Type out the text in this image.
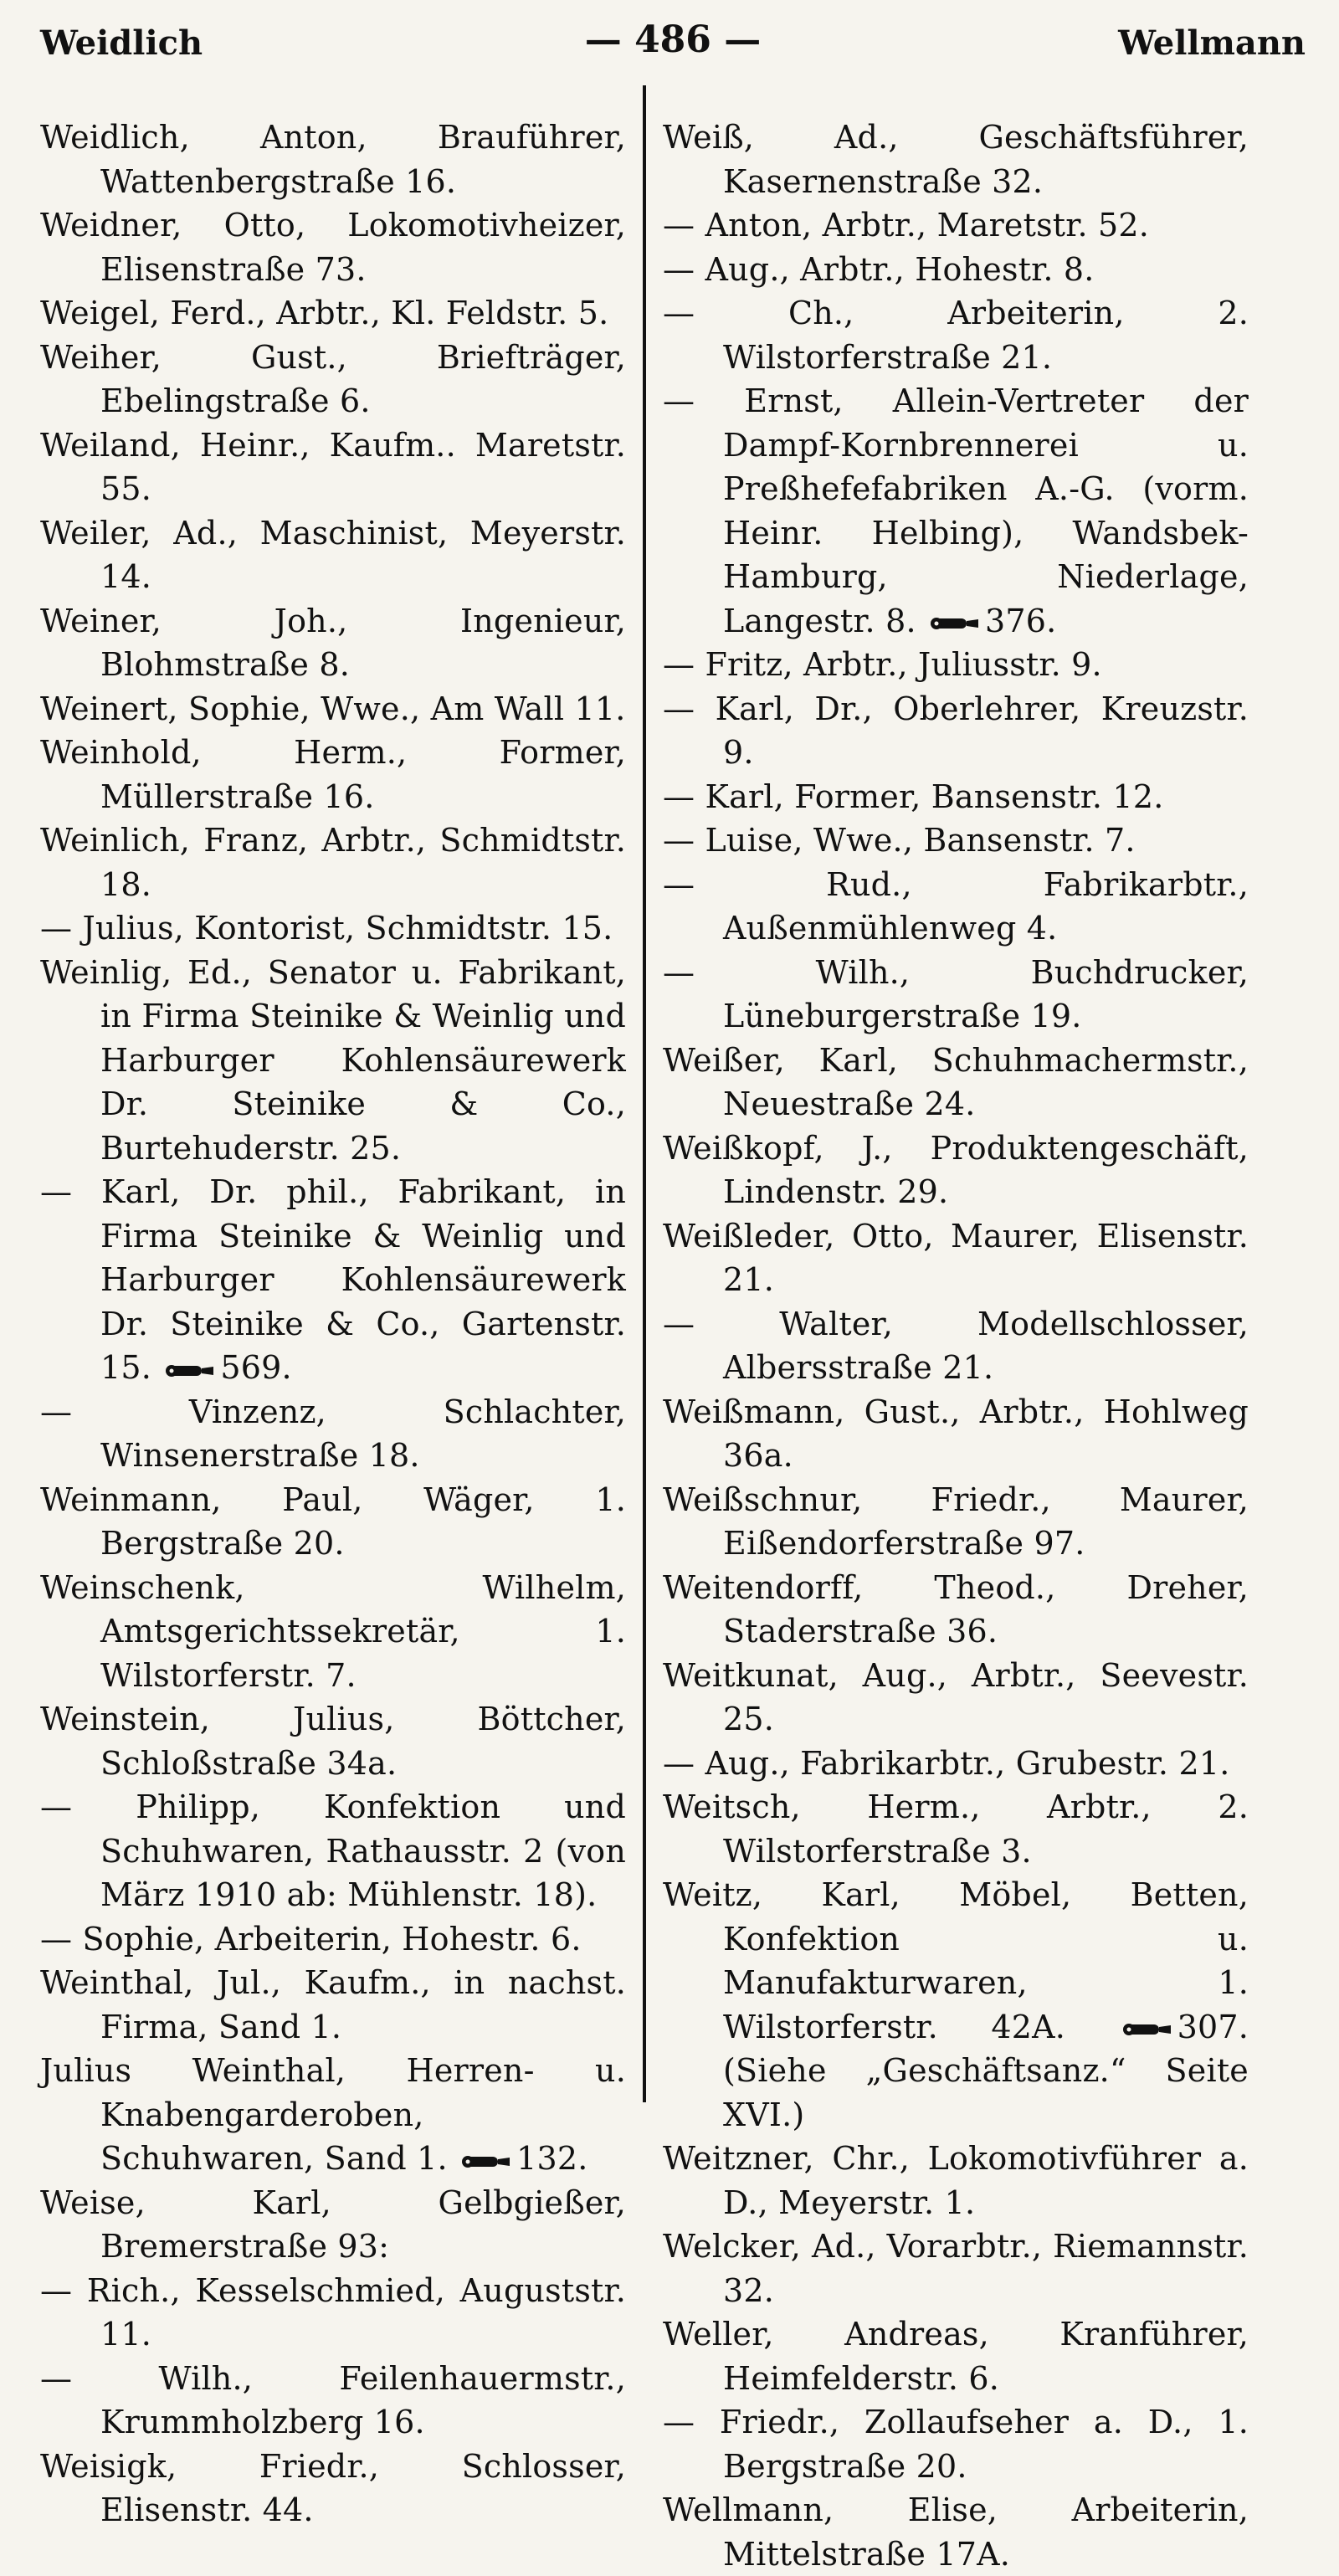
Weidlich	— 486 —	Wellmann
Weidlich, Anton, Brauführer, Wattenbergstraße 16.
Weidner, Otto, Lokomotivheizer, Elisenstraße 73.
Weigel, Ferd., Arbtr., Kl. Feldstr. 5.
Weiher, Gust., Briefträger, Ebelingstraße 6.
Weiland, Heinr., Kaufm.. Maretstr. 55.
Weiler, Ad., Maschinist, Meyerstr. 14.
Weiner, Joh., Ingenieur, Blohmstraße 8.
Weinert, Sophie, Wwe., Am Wall 11.
Weinhold, Herm., Former, Müllerstraße 16.
Weinlich, Franz, Arbtr., Schmidtstr. 18.
— Julius, Kontorist, Schmidtstr. 15.
Weinlig, Ed., Senator u. Fabrikant, in Firma Steinike & Weinlig und Harburger Kohlensäurewerk Dr. Steinike & Co., Burtehuderstr. 25.
— Karl, Dr. phil., Fabrikant, in Firma Steinike & Weinlig und Harburger Kohlensäurewerk Dr. Steinike & Co., Gartenstr. 15. 569.
— Vinzenz, Schlachter, Winsenerstraße 18.
Weinmann, Paul, Wäger, 1. Bergstraße 20.
Weinschenk, Wilhelm, Amtsgerichtssekretär, 1. Wilstorferstr. 7.
Weinstein, Julius, Böttcher, Schloßstraße 34a.
— Philipp, Konfektion und Schuhwaren, Rathausstr. 2 (von März 1910 ab: Mühlenstr. 18).
— Sophie, Arbeiterin, Hohestr. 6.
Weinthal, Jul., Kaufm., in nachst. Firma, Sand 1.
Julius Weinthal, Herren- u. Knabengarderoben, Schuhwaren, Sand 1. 132.
Weise, Karl, Gelbgießer, Bremerstraße 93:
— Rich., Kesselschmied, Auguststr. 11.
— Wilh., Feilenhauermstr., Krummholzberg 16.
Weisigk, Friedr., Schlosser, Elisenstr. 44.
Weiß, Ad., Geschäftsführer, Kasernenstraße 32.
— Anton, Arbtr., Maretstr. 52.
— Aug., Arbtr., Hohestr. 8.
— Ch., Arbeiterin, 2. Wilstorferstraße 21.
— Ernst, Allein-Vertreter der Dampf-Kornbrennerei u. Preßhefefabriken A.-G. (vorm. Heinr. Helbing), Wandsbek-Hamburg, Niederlage, Langestr. 8. 376.
— Fritz, Arbtr., Juliusstr. 9.
— Karl, Dr., Oberlehrer, Kreuzstr. 9.
— Karl, Former, Bansenstr. 12.
— Luise, Wwe., Bansenstr. 7.
— Rud., Fabrikarbtr., Außenmühlenweg 4.
— Wilh., Buchdrucker, Lüneburgerstraße 19.
Weißer, Karl, Schuhmachermstr., Neuestraße 24.
Weißkopf, J., Produktengeschäft, Lindenstr. 29.
Weißleder, Otto, Maurer, Elisenstr. 21.
— Walter, Modellschlosser, Albersstraße 21.
Weißmann, Gust., Arbtr., Hohlweg 36a.
Weißschnur, Friedr., Maurer, Eißendorferstraße 97.
Weitendorff, Theod., Dreher, Staderstraße 36.
Weitkunat, Aug., Arbtr., Seevestr. 25.
— Aug., Fabrikarbtr., Grubestr. 21.
Weitsch, Herm., Arbtr., 2. Wilstorferstraße 3.
Weitz, Karl, Möbel, Betten, Konfektion u. Manufakturwaren, 1. Wilstorferstr. 42A. 307. (Siehe „Geschäftsanz.“ Seite XVI.)
Weitzner, Chr., Lokomotivführer a. D., Meyerstr. 1.
Welcker, Ad., Vorarbtr., Riemannstr. 32.
Weller, Andreas, Kranführer, Heimfelderstr. 6.
— Friedr., Zollaufseher a. D., 1. Bergstraße 20.
Wellmann, Elise, Arbeiterin, Mittelstraße 17A.
